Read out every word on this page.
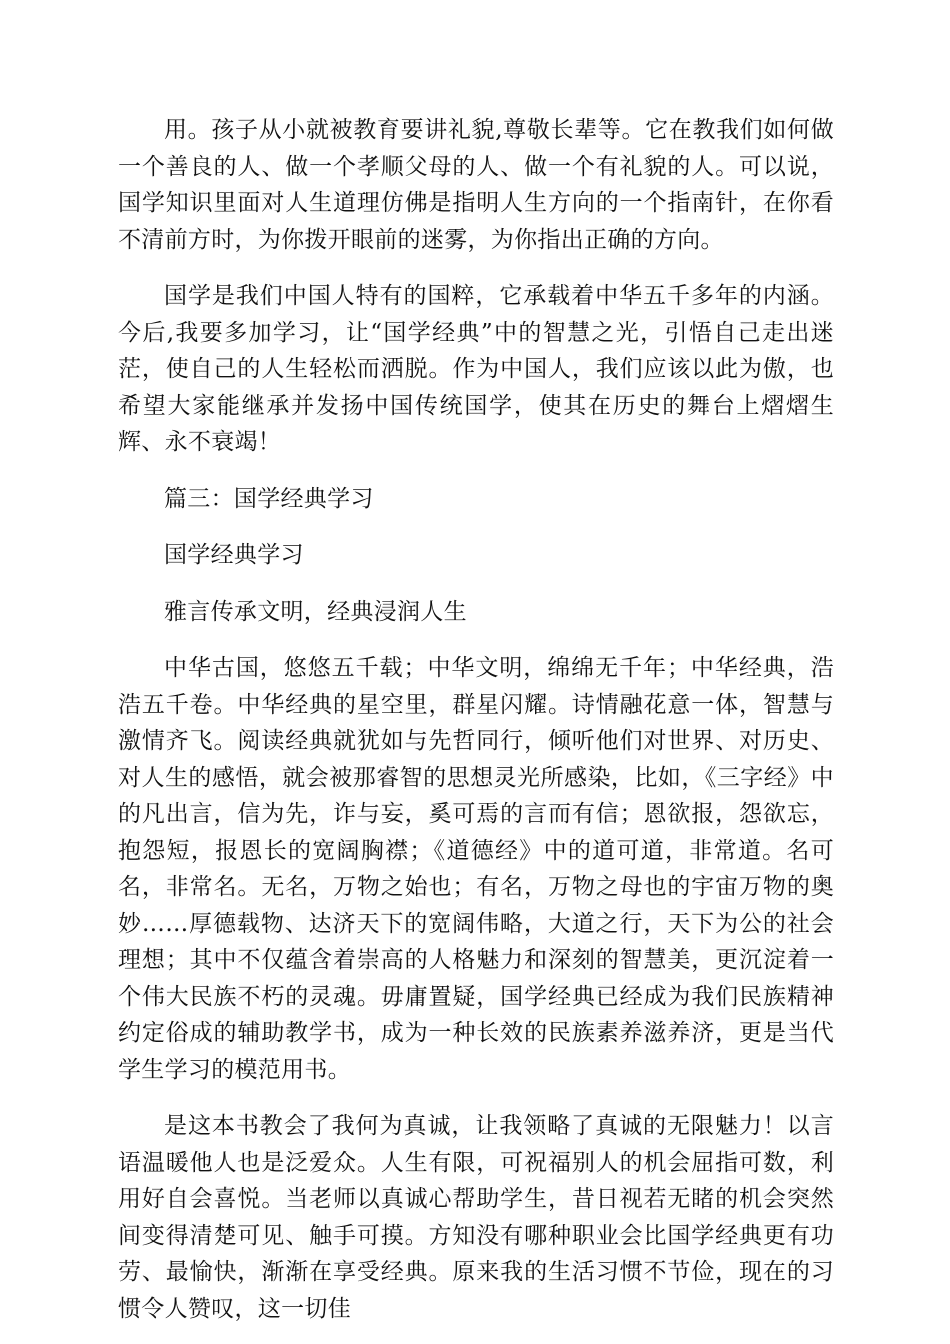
用。孩子从小就被教育要讲礼貌,尊敬长辈等。它在教我们如何做一个善良的人、做一个孝顺父母的人、做一个有礼貌的人。可以说，国学知识里面对人生道理仿佛是指明人生方向的一个指南针，在你看不清前方时，为你拨开眼前的迷雾，为你指出正确的方向。

国学是我们中国人特有的国粹，它承载着中华五千多年的内涵。今后,我要多加学习，让“国学经典”中的智慧之光，引悟自己走出迷茫，使自己的人生轻松而洒脱。作为中国人，我们应该以此为傲，也希望大家能继承并发扬中国传统国学，使其在历史的舞台上熠熠生辉、永不衰竭！

篇三：国学经典学习

国学经典学习

雅言传承文明，经典浸润人生

中华古国，悠悠五千载；中华文明，绵绵无千年；中华经典，浩浩五千卷。中华经典的星空里，群星闪耀。诗情融花意一体，智慧与激情齐飞。阅读经典就犹如与先哲同行，倾听他们对世界、对历史、对人生的感悟，就会被那睿智的思想灵光所感染，比如，《三字经》中的凡出言，信为先，诈与妄，奚可焉的言而有信；恩欲报，怨欲忘，抱怨短，报恩长的宽阔胸襟；《道德经》中的道可道，非常道。名可名，非常名。无名，万物之始也；有名，万物之母也的宇宙万物的奥妙……厚德载物、达济天下的宽阔伟略，大道之行，天下为公的社会理想；其中不仅蕴含着崇高的人格魅力和深刻的智慧美，更沉淀着一个伟大民族不朽的灵魂。毋庸置疑，国学经典已经成为我们民族精神约定俗成的辅助教学书，成为一种长效的民族素养滋养济，更是当代学生学习的模范用书。

是这本书教会了我何为真诚，让我领略了真诚的无限魅力！以言语温暖他人也是泛爱众。人生有限，可祝福别人的机会屈指可数，利用好自会喜悦。当老师以真诚心帮助学生，昔日视若无睹的机会突然间变得清楚可见、触手可摸。方知没有哪种职业会比国学经典更有功劳、最愉快，渐渐在享受经典。原来我的生活习惯不节俭，现在的习惯令人赞叹，这一切佳
